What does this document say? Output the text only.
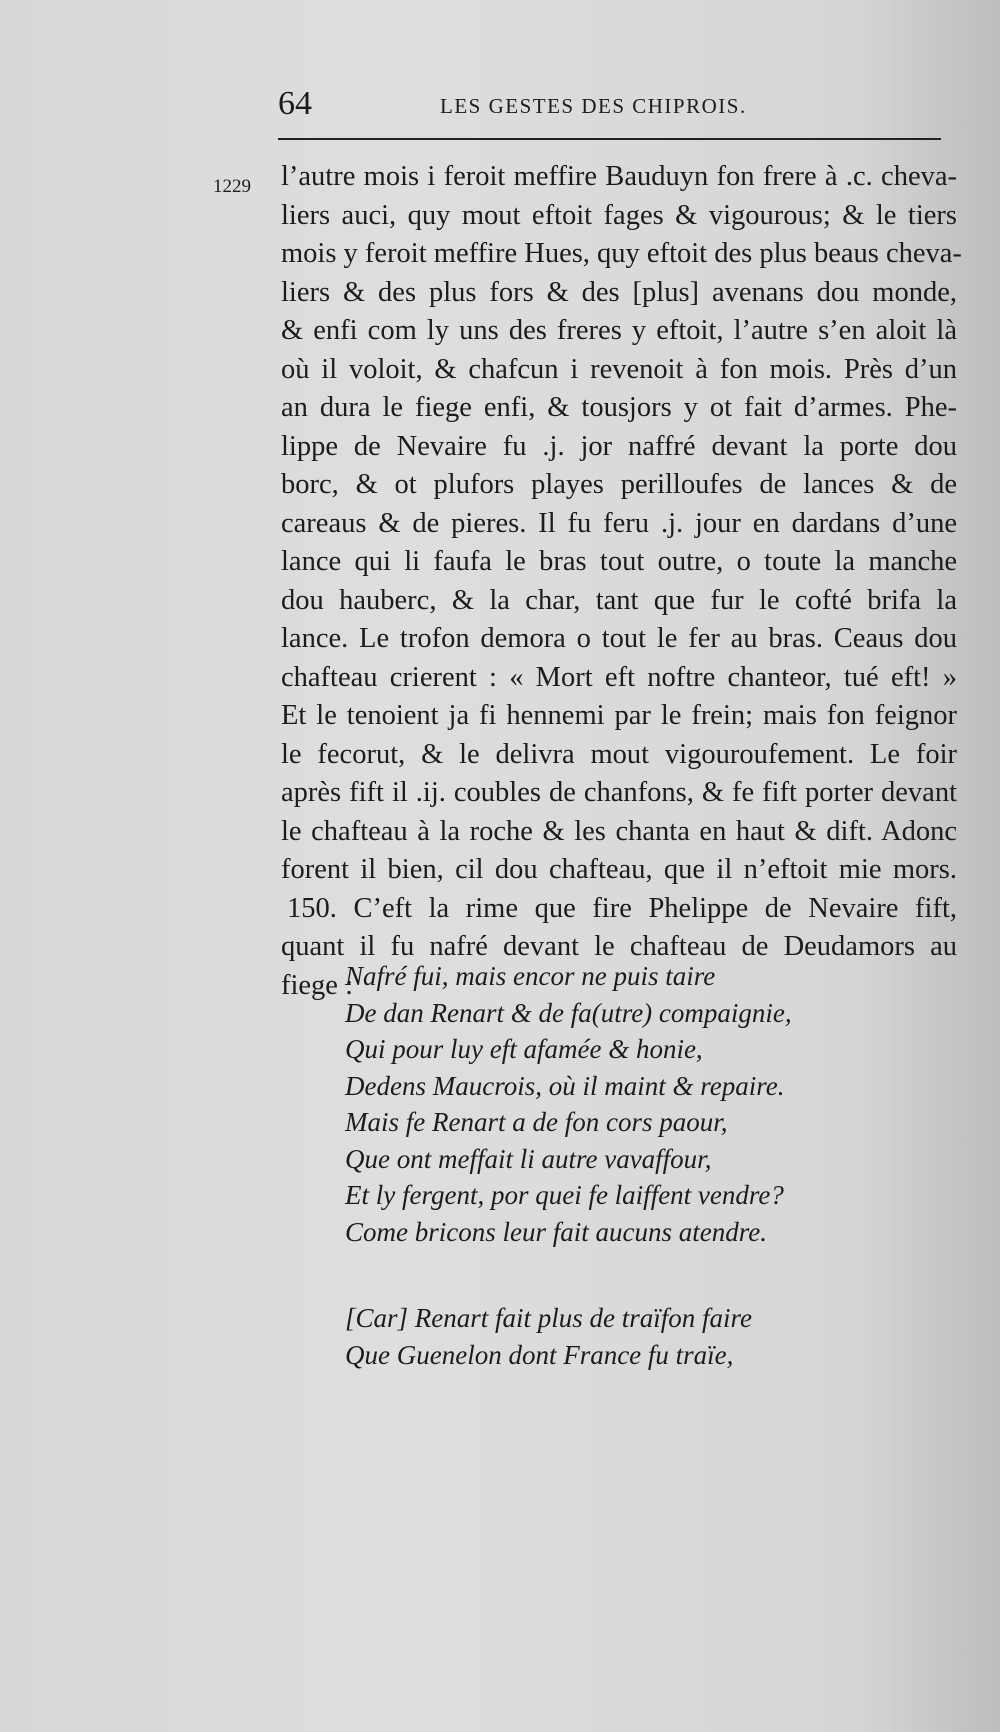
64	LES GESTES DES CHIPROIS.
1229 l’autre mois i feroit meffire Bauduyn fon frere à .c. cheva-
liers auci, quy mout eftoit fages & vigourous; & le tiers
mois y feroit meffire Hues, quy eftoit des plus beaus cheva-
liers & des plus fors & des [plus] avenans dou monde,
& enfi com ly uns des freres y eftoit, l’autre s’en aloit là
où il voloit, & chafcun i revenoit à fon mois. Près d’un
an dura le fiege enfi, & tousjors y ot fait d’armes. Phe-
lippe de Nevaire fu .j. jor naffré devant la porte dou
borc, & ot plufors playes perilloufes de lances & de
careaus & de pieres. Il fu feru .j. jour en dardans d’une
lance qui li faufa le bras tout outre, o toute la manche
dou hauberc, & la char, tant que fur le cofté brifa la
lance. Le trofon demora o tout le fer au bras. Ceaus dou
chafteau crierent : « Mort eft noftre chanteor, tué eft! »
Et le tenoient ja fi hennemi par le frein; mais fon feignor
le fecorut, & le delivra mout vigouroufement. Le foir
après fift il .ij. coubles de chanfons, & fe fift porter devant
le chafteau à la roche & les chanta en haut & dift. Adonc
forent il bien, cil dou chafteau, que il n’eftoit mie mors.
150. C’eft la rime que fire Phelippe de Nevaire fift,
quant il fu nafré devant le chafteau de Deudamors au
fiege :
Nafré fui, mais encor ne puis taire
De dan Renart & de fa(utre) compaignie,
Qui pour luy eft afamée & honie,
Dedens Maucrois, où il maint & repaire.
Mais fe Renart a de fon cors paour,
Que ont meffait li autre vavaffour,
Et ly fergent, por quei fe laiffent vendre?
Come bricons leur fait aucuns atendre.
[Car] Renart fait plus de traïfon faire
Que Guenelon dont France fu traïe,
